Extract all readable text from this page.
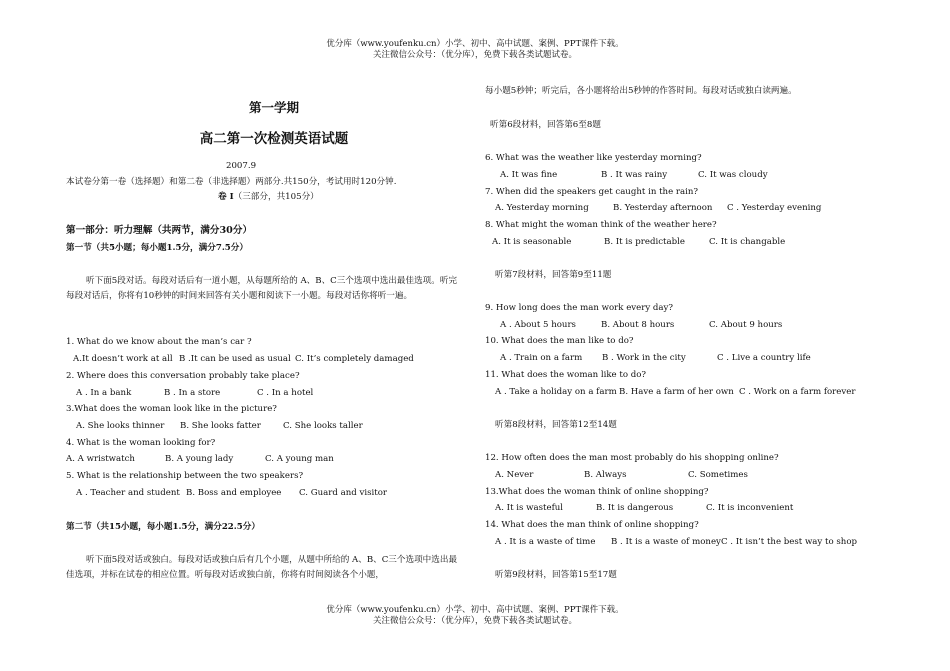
优分库（www.youfenku.cn）小学、初中、高中试题、案例、PPT课件下载。
关注微信公众号：（优分库），免费下载各类试题试卷。
第一学期
高二第一次检测英语试题
2007.9
本试卷分第一卷（选择题）和第二卷（非选择题）两部分.共150分，考试用时120分钟.
卷 I（三部分，共105分）
第一部分：听力理解（共两节，满分30分）
第一节（共5小题；每小题1.5分，满分7.5分）
听下面5段对话。每段对话后有一道小题，从每题所给的 A、B、C三个选项中选出最佳选项。听完每段对话后，你将有10秒钟的时间来回答有关小题和阅读下一小题。每段对话你将听一遍。
1. What do we know about the man’s car ?
A.It doesn’t work at all B .It can be used as usual C. It’s completely damaged
2. Where does this conversation probably take place?
A . In a bank	B . In a store	C . In a hotel
3.What does the woman look like in the picture?
A. She looks thinner B. She looks fatter	C. She looks taller
4. What is the woman looking for?
A. A wristwatch	B. A young lady	C. A young man
5. What is the relationship between the two speakers?
A . Teacher and student B. Boss and employee C. Guard and visitor
第二节（共15小题，每小题1.5分，满分22.5分）
听下面5段对话或独白。每段对话或独白后有几个小题，从题中所给的 A、B、C三个选项中选出最佳选项，并标在试卷的相应位置。听每段对话或独白前，你将有时间阅读各个小题，
每小题5秒钟；听完后，各小题将给出5秒钟的作答时间。每段对话或独白读两遍。
听第6段材料，回答第6至8题
6. What was the weather like yesterday morning?
A. It was fine	B . It was rainy	C. It was cloudy
7. When did the speakers get caught in the rain?
A. Yesterday morning	B. Yesterday afternoon C . Yesterday evening
8. What might the woman think of the weather here?
A. It is seasonable	B. It is predictable	C. It is changable
听第7段材料，回答第9至11题
9. How long does the man work every day?
A . About 5 hours	B. About 8 hours	C. About 9 hours
10. What does the man like to do?
A . Train on a farm B . Work in the city	C . Live a country life
11. What does the woman like to do?
A . Take a holiday on a farm B. Have a farm of her own C . Work on a farm forever
听第8段材料，回答第12至14题
12. How often does the man most probably do his shopping online?
A. Never	B. Always	C. Sometimes
13.What does the woman think of online shopping?
A. It is wasteful	B. It is dangerous	C. It is inconvenient
14. What does the man think of online shopping?
A . It is a waste of time B . It is a waste of money C . It isn’t the best way to shop
听第9段材料，回答第15至17题
优分库（www.youfenku.cn）小学、初中、高中试题、案例、PPT课件下载。
关注微信公众号：（优分库），免费下载各类试题试卷。
